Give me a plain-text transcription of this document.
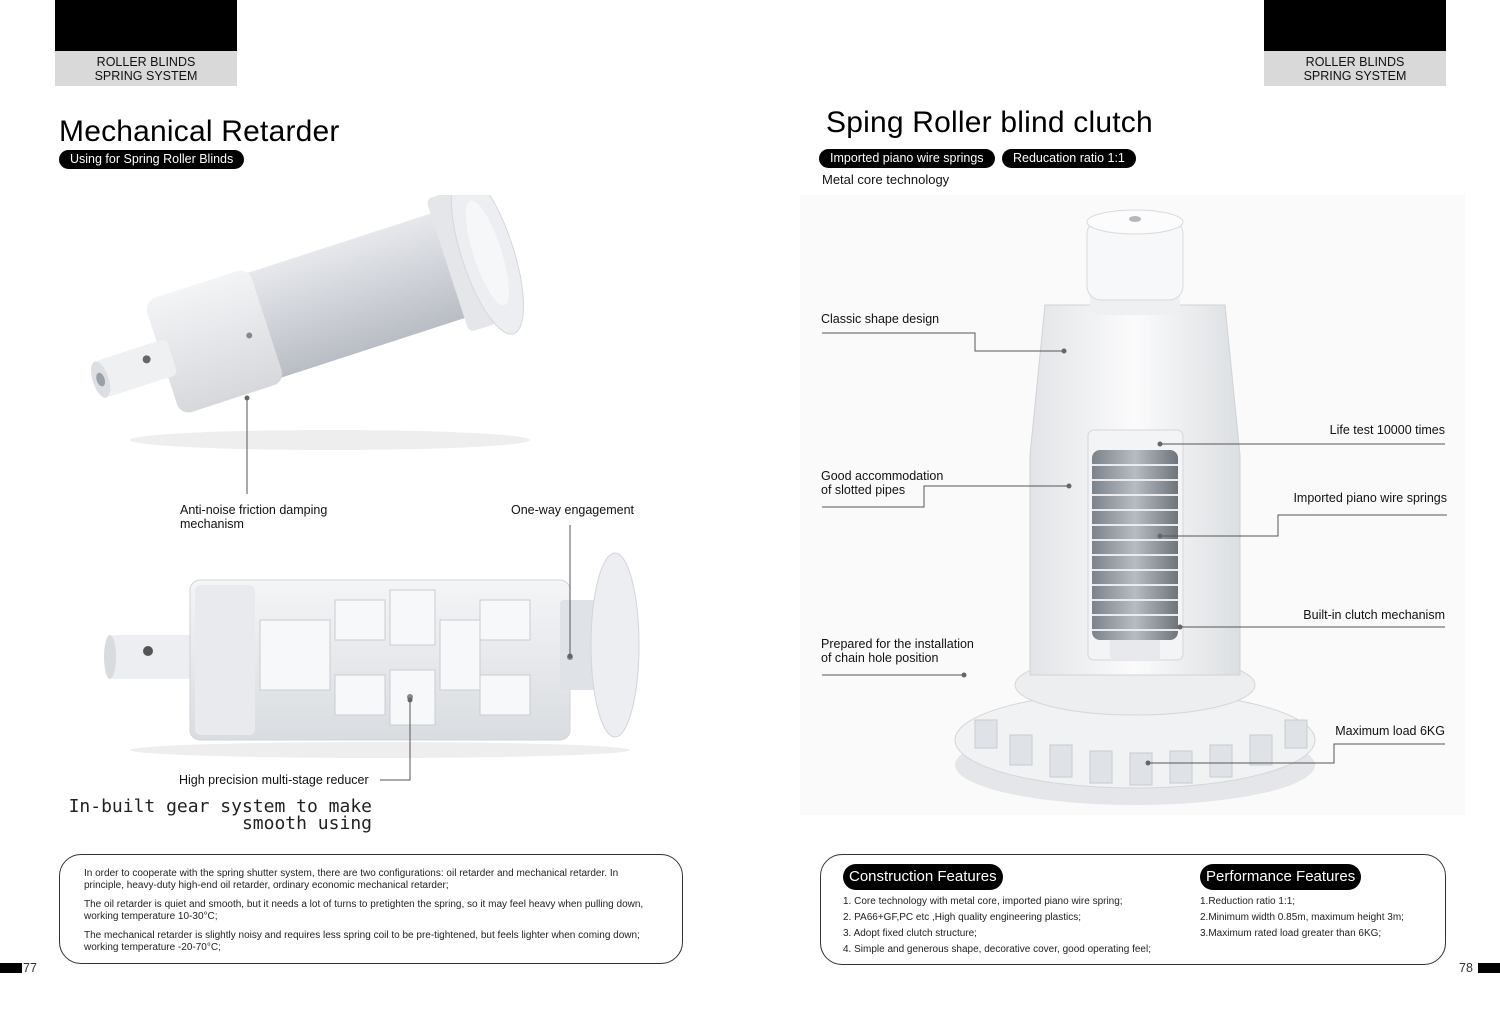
ROLLER BLINDS
SPRING SYSTEM
ROLLER BLINDS
SPRING SYSTEM
Mechanical Retarder
Using for Spring Roller Blinds
Anti-noise friction damping
mechanism
One-way engagement
High precision multi-stage reducer
In-built gear system to make
smooth using
In order to cooperate with the spring shutter system, there are two configurations: oil retarder and mechanical retarder. In principle, heavy-duty high-end oil retarder, ordinary economic mechanical retarder;
The oil retarder is quiet and smooth, but it needs a lot of turns to pretighten the spring, so it may feel heavy when pulling down, working temperature 10-30°C;
The mechanical retarder is slightly noisy and requires less spring coil to be pre-tightened, but feels lighter when coming down; working temperature -20-70°C;
77
Sping Roller blind clutch
Imported piano wire springs	Reducation ratio 1:1
Metal core technology
Classic shape design
Good accommodation
of slotted pipes
Prepared for the installation
of chain hole position
Life test 10000 times
Imported piano wire springs
Built-in clutch mechanism
Maximum load 6KG
Construction Features
1. Core technology with metal core, imported piano wire spring;
2. PA66+GF,PC etc ,High quality engineering plastics;
3. Adopt fixed clutch structure;
4. Simple and generous shape, decorative cover, good operating feel;
Performance Features
1.Reduction ratio 1:1;
2.Minimum width 0.85m, maximum height 3m;
3.Maximum rated load greater than 6KG;
78
